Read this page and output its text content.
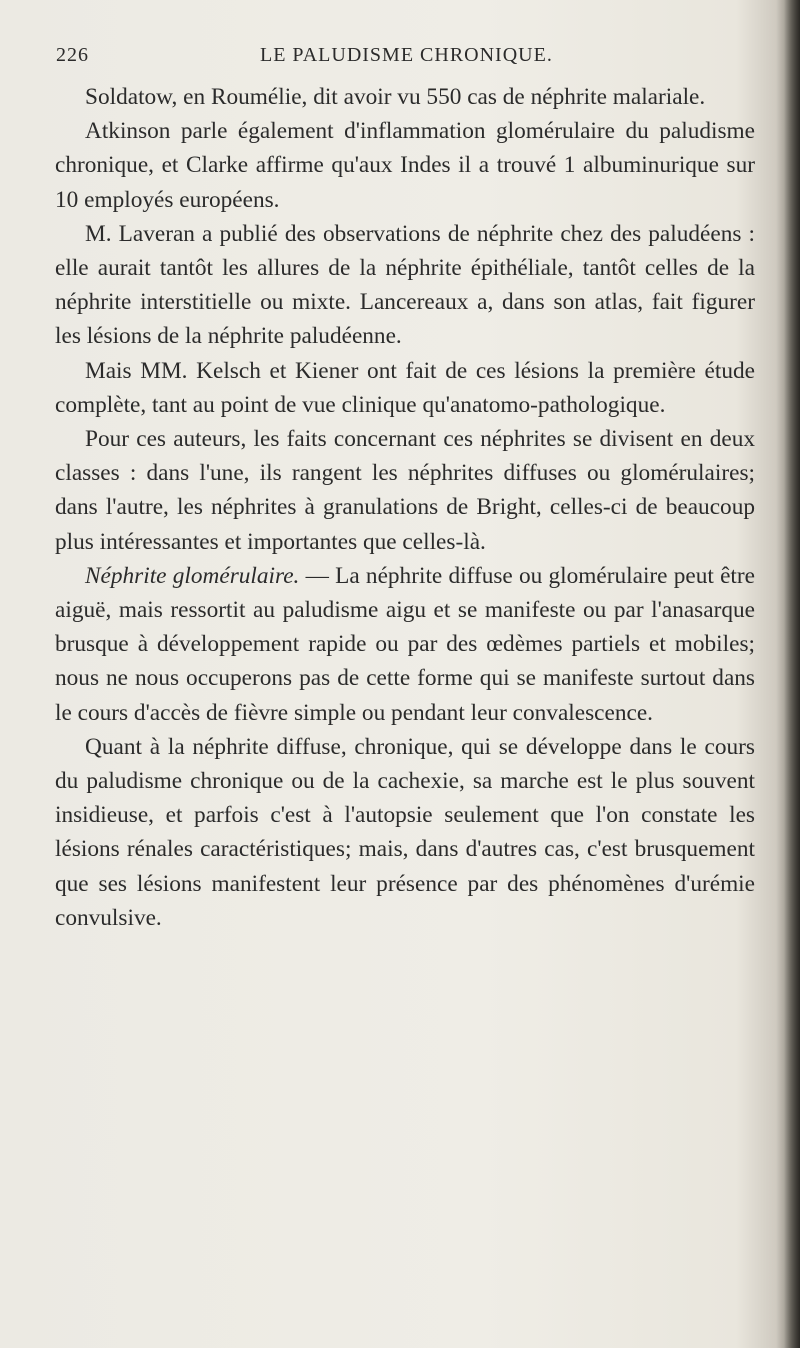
226	LE PALUDISME CHRONIQUE.

Soldatow, en Roumélie, dit avoir vu 550 cas de néphrite malariale.

Atkinson parle également d'inflammation glomérulaire du paludisme chronique, et Clarke affirme qu'aux Indes il a trouvé 1 albuminurique sur 10 employés européens.

M. Laveran a publié des observations de néphrite chez des paludéens : elle aurait tantôt les allures de la néphrite épithéliale, tantôt celles de la néphrite interstitielle ou mixte. Lancereaux a, dans son atlas, fait figurer les lésions de la néphrite paludéenne.

Mais MM. Kelsch et Kiener ont fait de ces lésions la première étude complète, tant au point de vue clinique qu'anatomo-pathologique.

Pour ces auteurs, les faits concernant ces néphrites se divisent en deux classes : dans l'une, ils rangent les néphrites diffuses ou glomérulaires; dans l'autre, les néphrites à granulations de Bright, celles-ci de beaucoup plus intéressantes et importantes que celles-là.

Néphrite glomérulaire. — La néphrite diffuse ou glomérulaire peut être aiguë, mais ressortit au paludisme aigu et se manifeste ou par l'anasarque brusque à développement rapide ou par des œdèmes partiels et mobiles; nous ne nous occuperons pas de cette forme qui se manifeste surtout dans le cours d'accès de fièvre simple ou pendant leur convalescence.

Quant à la néphrite diffuse, chronique, qui se développe dans le cours du paludisme chronique ou de la cachexie, sa marche est le plus souvent insidieuse, et parfois c'est à l'autopsie seulement que l'on constate les lésions rénales caractéristiques; mais, dans d'autres cas, c'est brusquement que ses lésions manifestent leur présence par des phénomènes d'urémie convulsive.
